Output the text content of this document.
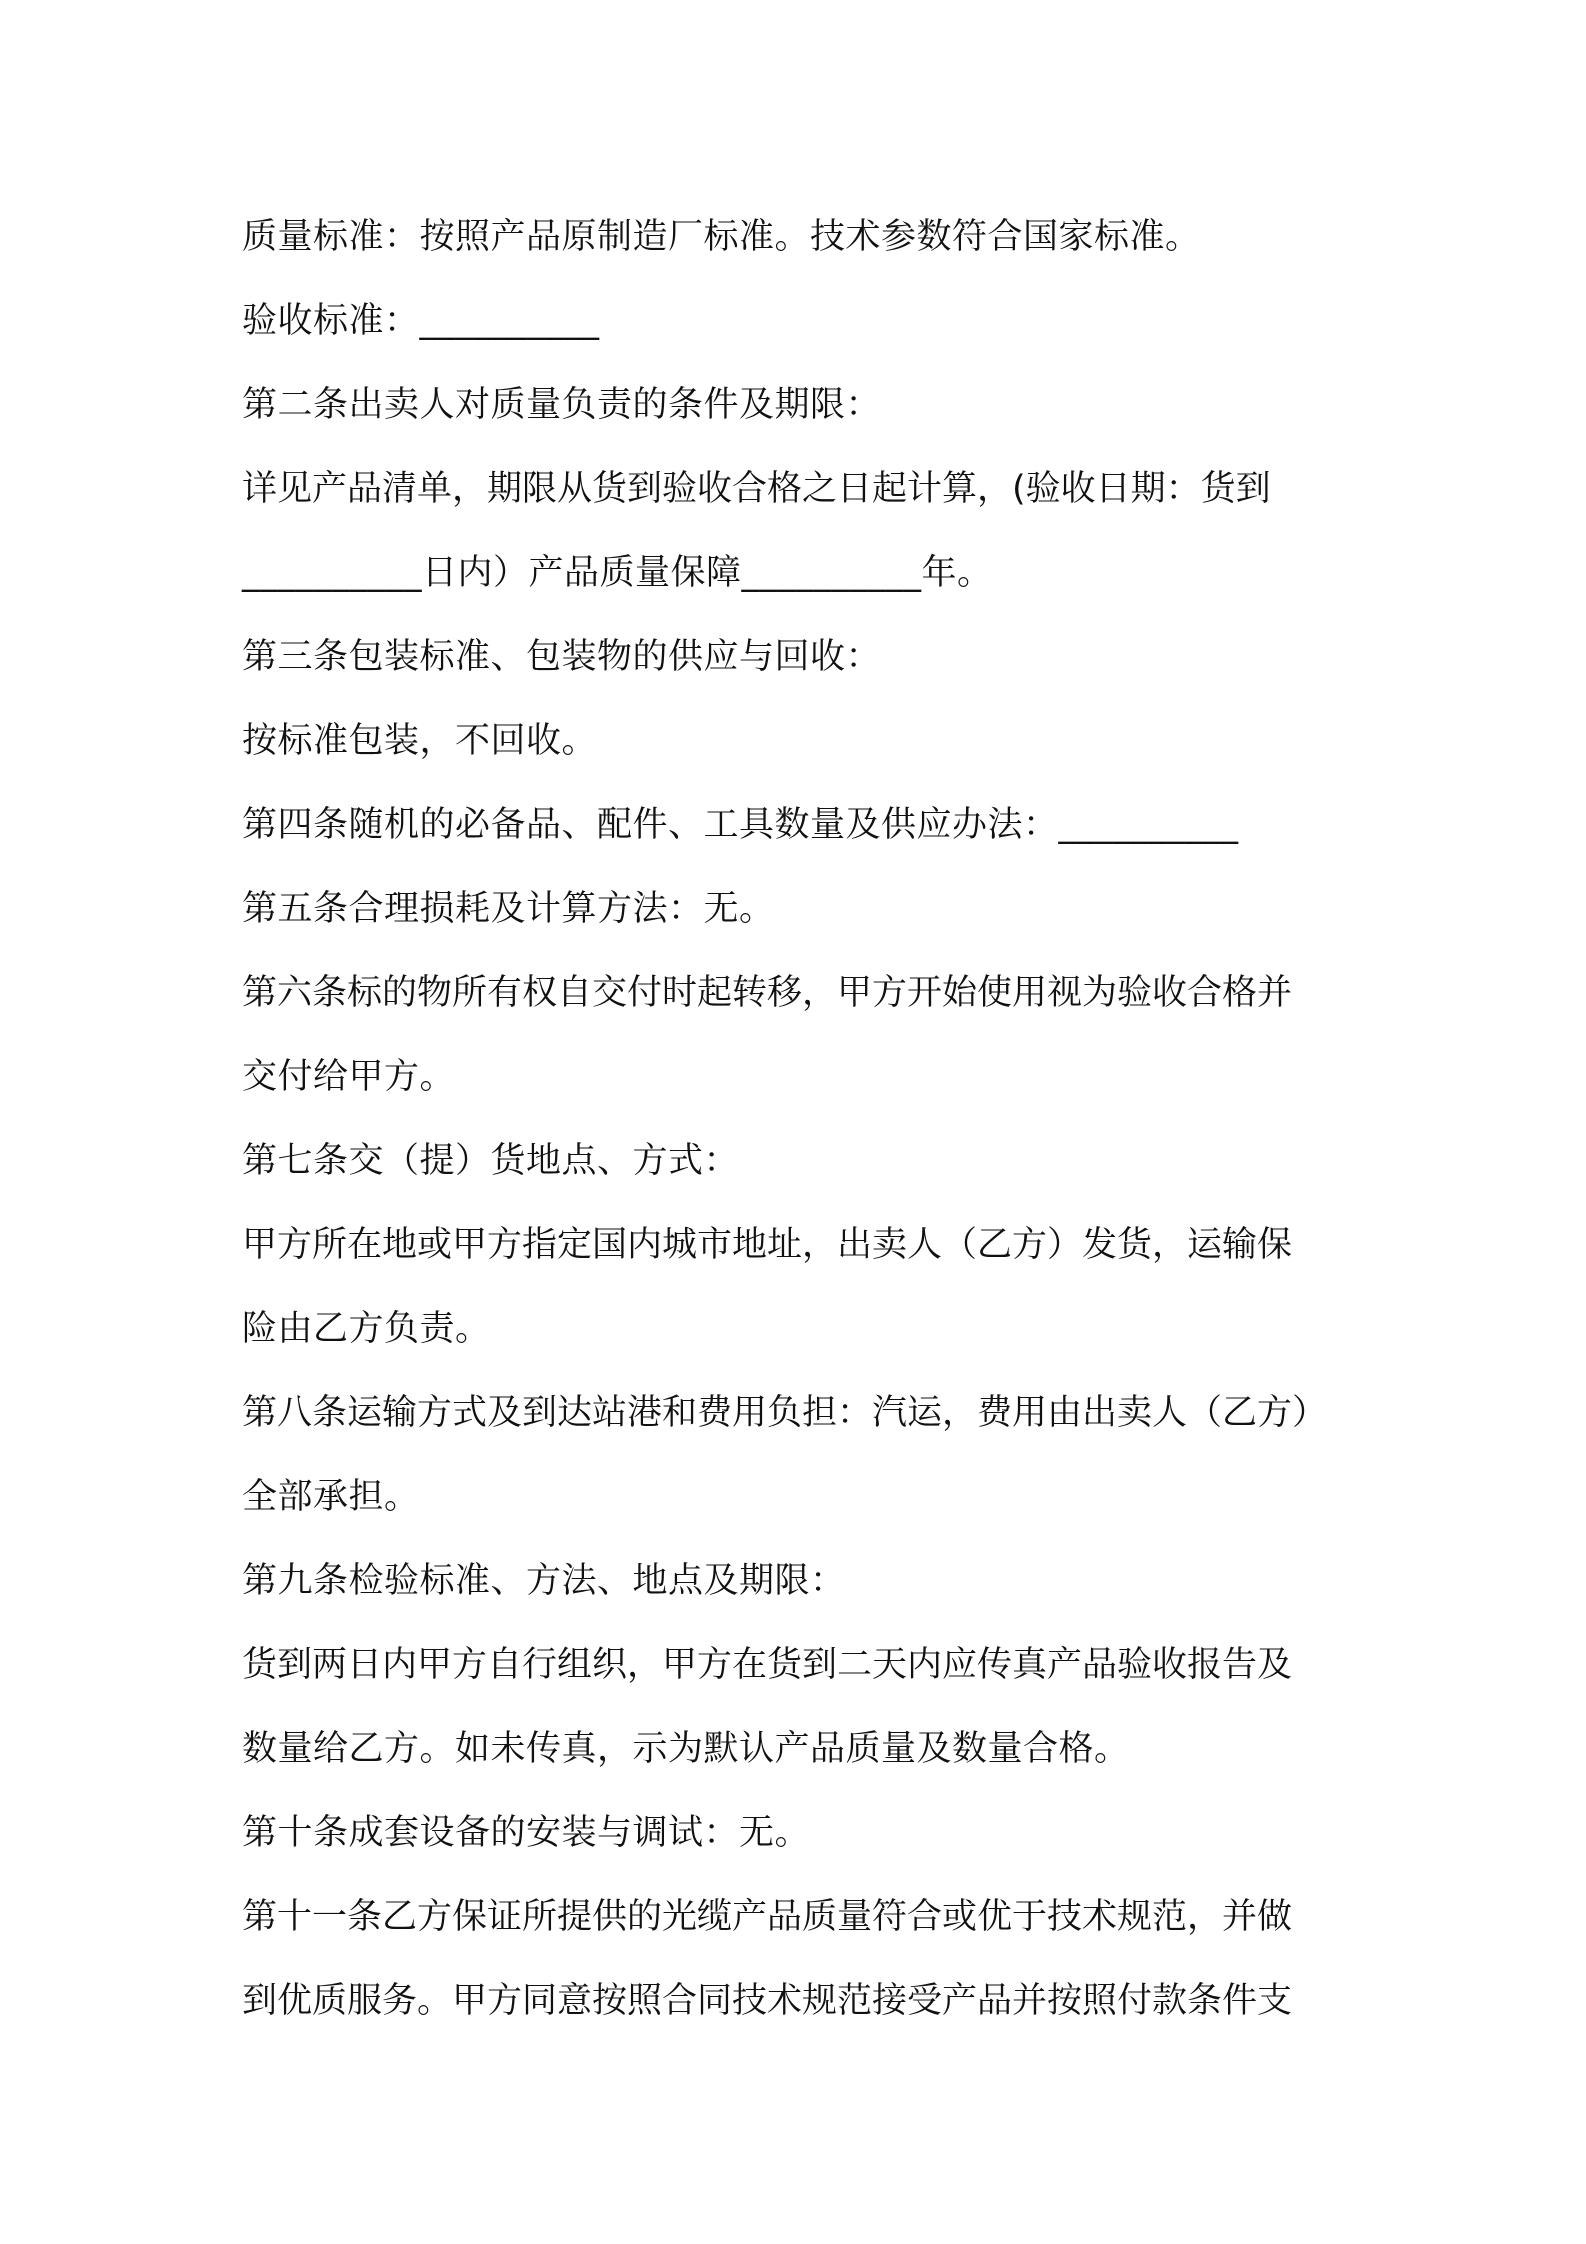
质量标准：按照产品原制造厂标准。技术参数符合国家标准。
验收标准：__________
第二条出卖人对质量负责的条件及期限：
详见产品清单，期限从货到验收合格之日起计算，(验收日期：货到
__________日内）产品质量保障__________年。
第三条包装标准、包装物的供应与回收：
按标准包装，不回收。
第四条随机的必备品、配件、工具数量及供应办法：__________
第五条合理损耗及计算方法：无。
第六条标的物所有权自交付时起转移，甲方开始使用视为验收合格并
交付给甲方。
第七条交（提）货地点、方式：
甲方所在地或甲方指定国内城市地址，出卖人（乙方）发货，运输保
险由乙方负责。
第八条运输方式及到达站港和费用负担：汽运，费用由出卖人（乙方）
全部承担。
第九条检验标准、方法、地点及期限：
货到两日内甲方自行组织，甲方在货到二天内应传真产品验收报告及
数量给乙方。如未传真，示为默认产品质量及数量合格。
第十条成套设备的安装与调试：无。
第十一条乙方保证所提供的光缆产品质量符合或优于技术规范，并做
到优质服务。甲方同意按照合同技术规范接受产品并按照付款条件支
